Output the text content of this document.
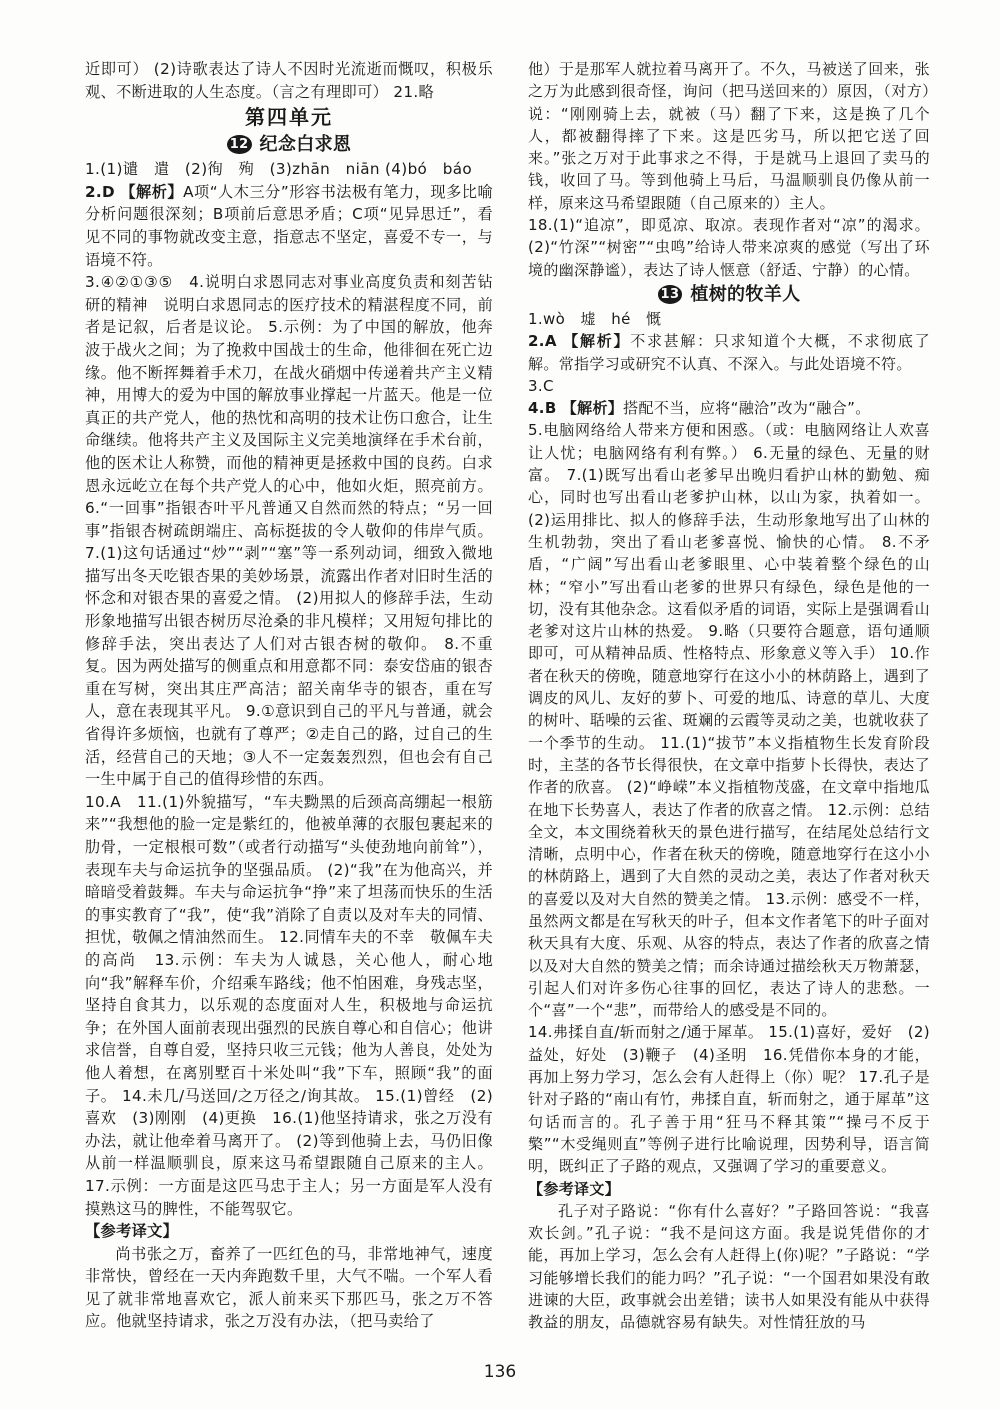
近即可） (2)诗歌表达了诗人不因时光流逝而慨叹，积极乐观、不断进取的人生态度。（言之有理即可） 21.略

第四单元
12 纪念白求恩

1.(1)谴　遣　(2)徇　殉　(3)zhān　niān (4)bó　báo

2.D 【解析】A项“人木三分”形容书法极有笔力，现多比喻分析问题很深刻；B项前后意思矛盾；C项“见异思迁”，看见不同的事物就改变主意，指意志不坚定，喜爱不专一，与语境不符。

3.④②①③⑤　4.说明白求恩同志对事业高度负责和刻苦钻研的精神　说明白求恩同志的医疗技术的精湛程度不同，前者是记叙，后者是议论。 5.示例：为了中国的解放，他奔波于战火之间；为了挽救中国战士的生命，他徘徊在死亡边缘。他不断挥舞着手术刀，在战火硝烟中传递着共产主义精神，用博大的爱为中国的解放事业撑起一片蓝天。他是一位真正的共产党人，他的热忱和高明的技术让伤口愈合，让生命继续。他将共产主义及国际主义完美地演绎在手术台前，他的医术让人称赞，而他的精神更是拯救中国的良药。白求恩永远屹立在每个共产党人的心中，他如火炬，照亮前方。 6.“一回事”指银杏叶平凡普通又自然而然的特点；“另一回事”指银杏树疏朗端庄、高标挺拔的令人敬仰的伟岸气质。 7.(1)这句话通过“炒”“剥”“塞”等一系列动词，细致入微地描写出冬天吃银杏果的美妙场景，流露出作者对旧时生活的怀念和对银杏果的喜爱之情。 (2)用拟人的修辞手法，生动形象地描写出银杏树历尽沧桑的非凡模样；又用短句排比的修辞手法，突出表达了人们对古银杏树的敬仰。 8.不重复。因为两处描写的侧重点和用意都不同：泰安岱庙的银杏重在写树，突出其庄严高洁；韶关南华寺的银杏，重在写人，意在表现其平凡。 9.①意识到自己的平凡与普通，就会省得许多烦恼，也就有了尊严；②走自己的路，过自己的生活，经营自己的天地；③人不一定轰轰烈烈，但也会有自己一生中属于自己的值得珍惜的东西。

10.A　11.(1)外貌描写，“车夫黝黑的后颈高高绷起一根筋来”“我想他的脸一定是紫红的，他被单薄的衣服包裹起来的肋骨，一定根根可数”（或者行动描写“头使劲地向前耸”），表现车夫与命运抗争的坚强品质。 (2)“我”在为他高兴，并暗暗受着鼓舞。车夫与命运抗争“挣”来了坦荡而快乐的生活的事实教育了“我”，使“我”消除了自责以及对车夫的同情、担忧，敬佩之情油然而生。 12.同情车夫的不幸　敬佩车夫的高尚　13.示例：车夫为人诚恳，关心他人，耐心地向“我”解释车价，介绍乘车路线；他不怕困难，身残志坚，坚持自食其力，以乐观的态度面对人生，积极地与命运抗争；在外国人面前表现出强烈的民族自尊心和自信心；他讲求信誉，自尊自爱，坚持只收三元钱；他为人善良，处处为他人着想，在离别墅百十米处叫“我”下车，照顾“我”的面子。 14.未几/马送回/之万径之/询其故。 15.(1)曾经　(2)喜欢　(3)刚刚　(4)更换　16.(1)他坚持请求，张之万没有办法，就让他牵着马离开了。 (2)等到他骑上去，马仍旧像从前一样温顺驯良，原来这马希望跟随自己原来的主人。 17.示例：一方面是这匹马忠于主人；另一方面是军人没有摸熟这马的脾性，不能驾驭它。

【参考译文】

尚书张之万，畜养了一匹红色的马，非常地神气，速度非常快，曾经在一天内奔跑数千里，大气不喘。一个军人看见了就非常地喜欢它，派人前来买下那匹马，张之万不答应。他就坚持请求，张之万没有办法，（把马卖给了

他）于是那军人就拉着马离开了。不久，马被送了回来，张之万为此感到很奇怪，询问（把马送回来的）原因，（对方）说：“刚刚骑上去，就被（马）翻了下来，这是换了几个人，都被翻得摔了下来。这是匹劣马，所以把它送了回来。”张之万对于此事求之不得，于是就马上退回了卖马的钱，收回了马。等到他骑上马后，马温顺驯良仍像从前一样，原来这马希望跟随（自己原来的）主人。

18.(1)“追凉”，即觅凉、取凉。表现作者对“凉”的渴求。 (2)“竹深”“树密”“虫鸣”给诗人带来凉爽的感觉（写出了环境的幽深静谧），表达了诗人惬意（舒适、宁静）的心情。

13 植树的牧羊人

1.wò　墟　hé　慨

2.A 【解析】不求甚解：只求知道个大概，不求彻底了解。常指学习或研究不认真、不深入。与此处语境不符。

3.C

4.B 【解析】搭配不当，应将“融洽”改为“融合”。

5.电脑网络给人带来方便和困惑。（或：电脑网络让人欢喜让人忧；电脑网络有利有弊。） 6.无量的绿色、无量的财富。 7.(1)既写出看山老爹早出晚归看护山林的勤勉、痴心，同时也写出看山老爹护山林，以山为家，执着如一。 (2)运用排比、拟人的修辞手法，生动形象地写出了山林的生机勃勃，突出了看山老爹喜悦、愉快的心情。 8.不矛盾，“广阔”写出看山老爹眼里、心中装着整个绿色的山林；“窄小”写出看山老爹的世界只有绿色，绿色是他的一切，没有其他杂念。这看似矛盾的词语，实际上是强调看山老爹对这片山林的热爱。 9.略（只要符合题意，语句通顺即可，可从精神品质、性格特点、形象意义等入手） 10.作者在秋天的傍晚，随意地穿行在这小小的林荫路上，遇到了调皮的风儿、友好的萝卜、可爱的地瓜、诗意的草儿、大度的树叶、聒噪的云雀、斑斓的云霞等灵动之美，也就收获了一个季节的生动。 11.(1)“拔节”本义指植物生长发育阶段时，主茎的各节长得很快，在文章中指萝卜长得快，表达了作者的欣喜。 (2)“峥嵘”本义指植物茂盛，在文章中指地瓜在地下长势喜人，表达了作者的欣喜之情。 12.示例：总结全文，本文围绕着秋天的景色进行描写，在结尾处总结行文清晰，点明中心，作者在秋天的傍晚，随意地穿行在这小小的林荫路上，遇到了大自然的灵动之美，表达了作者对秋天的喜爱以及对大自然的赞美之情。 13.示例：感受不一样，虽然两文都是在写秋天的叶子，但本文作者笔下的叶子面对秋天具有大度、乐观、从容的特点，表达了作者的欣喜之情以及对大自然的赞美之情；而余诗通过描绘秋天万物萧瑟，引起人们对许多伤心往事的回忆，表达了诗人的悲愁。一个“喜”一个“悲”，而带给人的感受是不同的。

14.弗揉自直/斩而射之/通于犀革。 15.(1)喜好，爱好　(2)益处，好处　(3)鞭子　(4)圣明　16.凭借你本身的才能，再加上努力学习，怎么会有人赶得上（你）呢？ 17.孔子是针对子路的“南山有竹，弗揉自直，斩而射之，通于犀革”这句话而言的。孔子善于用“狂马不释其策”“操弓不反于檠”“木受绳则直”等例子进行比喻说理，因势利导，语言简明，既纠正了子路的观点，又强调了学习的重要意义。

【参考译文】

孔子对子路说：“你有什么喜好？”子路回答说：“我喜欢长剑。”孔子说：“我不是问这方面。我是说凭借你的才能，再加上学习，怎么会有人赶得上(你)呢？”子路说：“学习能够增长我们的能力吗？”孔子说：“一个国君如果没有敢进谏的大臣，政事就会出差错；读书人如果没有能从中获得教益的朋友，品德就容易有缺失。对性情狂放的马

136
